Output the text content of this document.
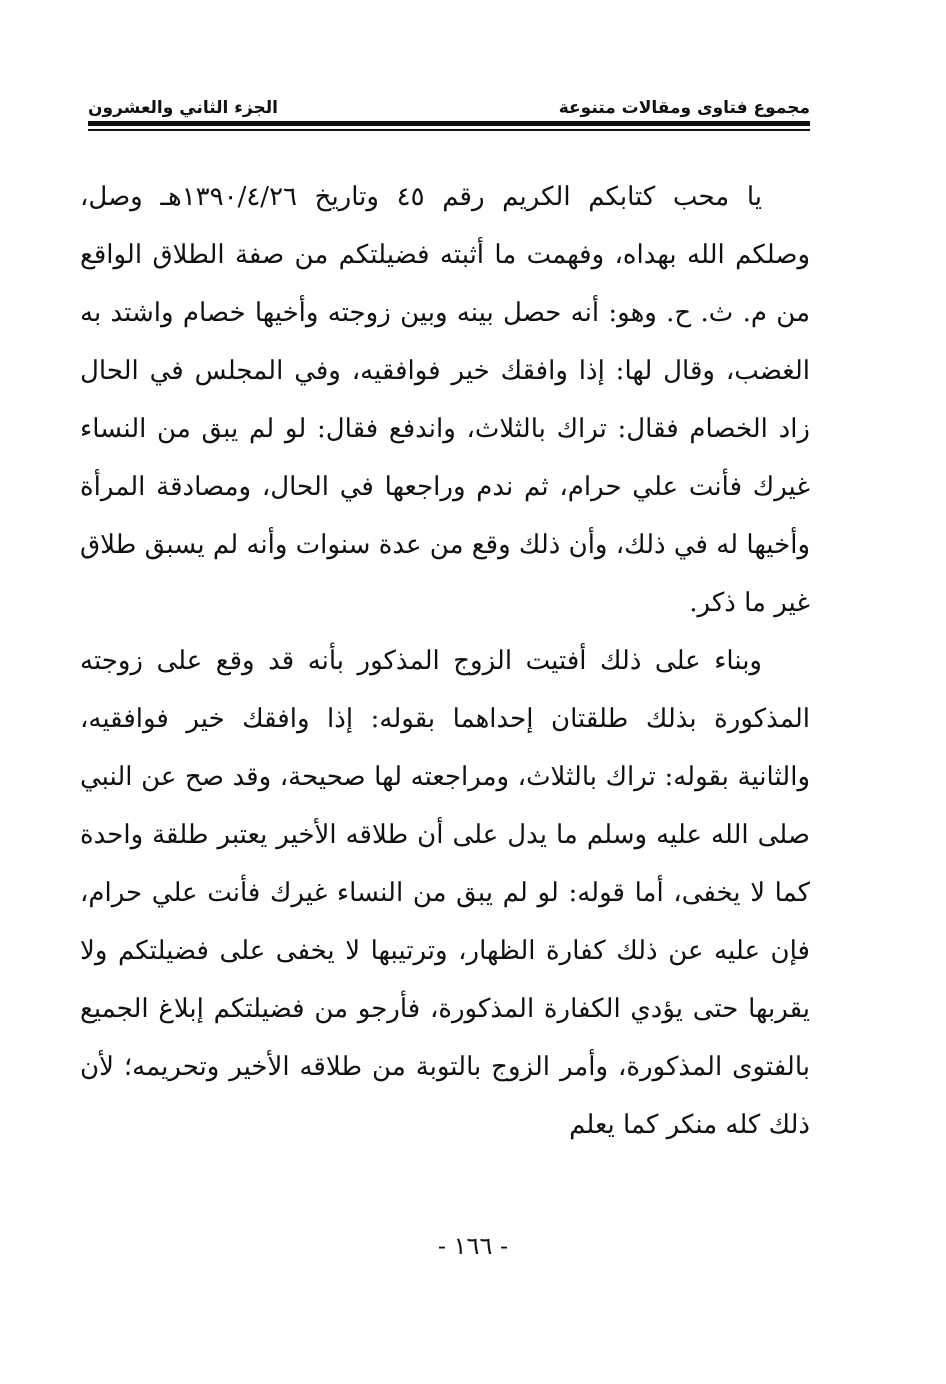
مجموع فتاوى ومقالات متنوعة
الجزء الثاني والعشرون

يا محب كتابكم الكريم رقم ٤٥ وتاريخ ١٣٩٠/٤/٢٦هـ وصل، وصلكم الله بهداه، وفهمت ما أثبته فضيلتكم من صفة الطلاق الواقع من م. ث. ح. وهو: أنه حصل بينه وبين زوجته وأخيها خصام واشتد به الغضب، وقال لها: إذا وافقك خير فوافقيه، وفي المجلس في الحال زاد الخصام فقال: تراك بالثلاث، واندفع فقال: لو لم يبق من النساء غيرك فأنت علي حرام، ثم ندم وراجعها في الحال، ومصادقة المرأة وأخيها له في ذلك، وأن ذلك وقع من عدة سنوات وأنه لم يسبق طلاق غير ما ذكر.

وبناء على ذلك أفتيت الزوج المذكور بأنه قد وقع على زوجته المذكورة بذلك طلقتان إحداهما بقوله: إذا وافقك خير فوافقيه، والثانية بقوله: تراك بالثلاث، ومراجعته لها صحيحة، وقد صح عن النبي صلى الله عليه وسلم ما يدل على أن طلاقه الأخير يعتبر طلقة واحدة كما لا يخفى، أما قوله: لو لم يبق من النساء غيرك فأنت علي حرام، فإن عليه عن ذلك كفارة الظهار، وترتيبها لا يخفى على فضيلتكم ولا يقربها حتى يؤدي الكفارة المذكورة، فأرجو من فضيلتكم إبلاغ الجميع بالفتوى المذكورة، وأمر الزوج بالتوبة من طلاقه الأخير وتحريمه؛ لأن ذلك كله منكر كما يعلم

- ١٦٦ -
